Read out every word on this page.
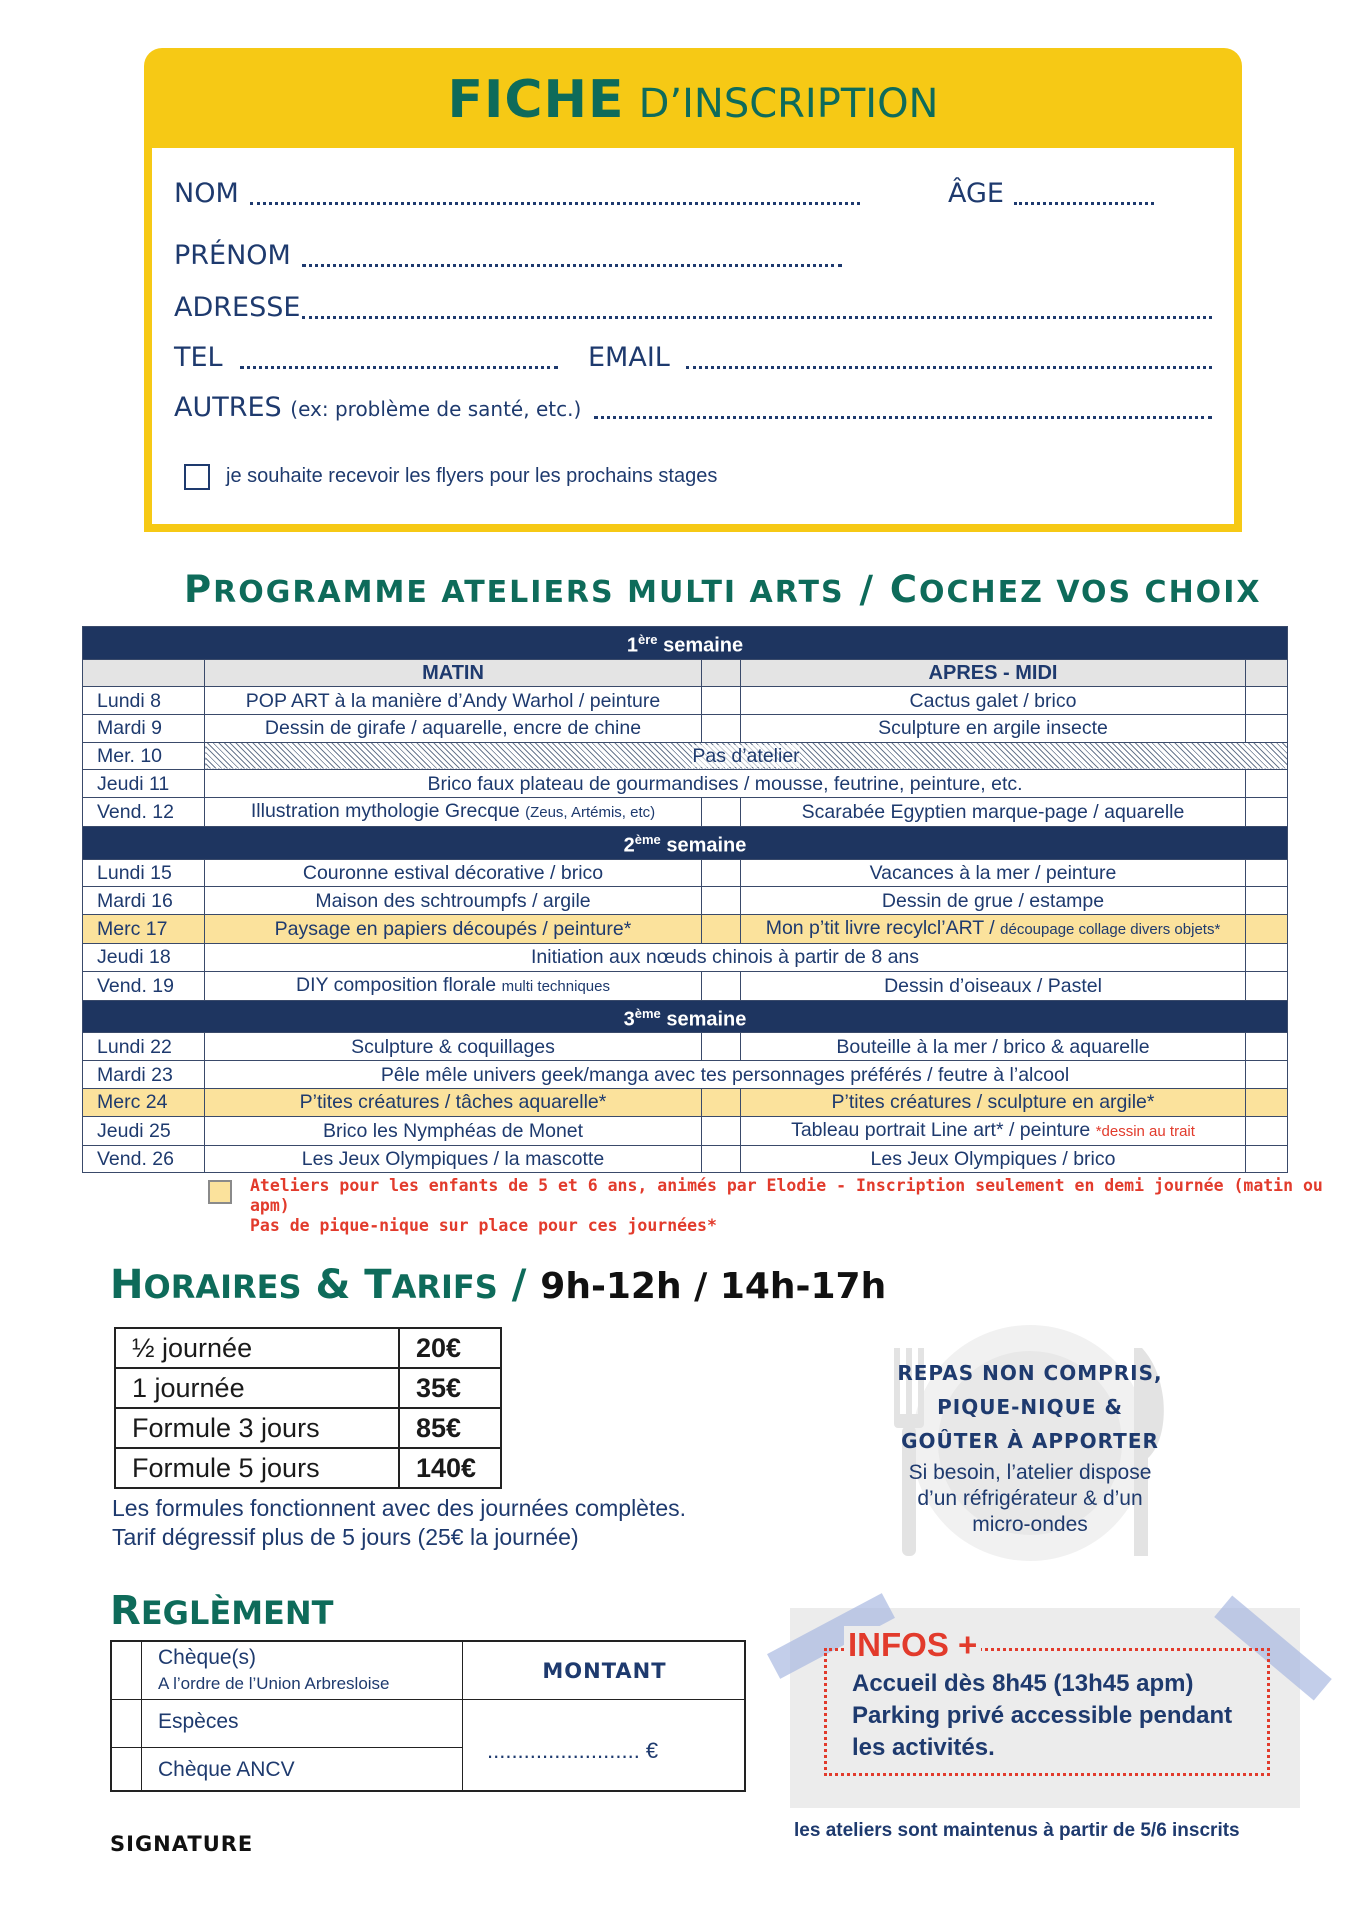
FICHE D’INSCRIPTION
NOM	ÂGE
PRÉNOM
ADRESSE
TEL	EMAIL
AUTRES (ex: problème de santé, etc.)
je souhaite recevoir les flyers pour les prochains stages
PROGRAMME ATELIERS MULTI ARTS / COCHEZ VOS CHOIX
1ère semaine				
	MATIN		APRES - MIDI	
Lundi 8	POP ART à la manière d’Andy Warhol / peinture		Cactus galet / brico	
Mardi 9	Dessin de girafe / aquarelle, encre de chine		Sculpture en argile insecte	
Mer. 10	Pas d’atelier			
Jeudi 11	Brico faux plateau de gourmandises / mousse, feutrine, peinture, etc.			
Vend. 12	Illustration mythologie Grecque (Zeus, Artémis, etc)		Scarabée Egyptien marque-page / aquarelle	
2ème semaine				
Lundi 15	Couronne estival décorative / brico		Vacances à la mer / peinture	
Mardi 16	Maison des schtroumpfs / argile		Dessin de grue / estampe	
Merc 17	Paysage en papiers découpés / peinture*		Mon p’tit livre recylcl’ART / découpage collage divers objets*	
Jeudi 18	Initiation aux nœuds chinois à partir de 8 ans			
Vend. 19	DIY composition florale multi techniques		Dessin d’oiseaux / Pastel	
3ème semaine				
Lundi 22	Sculpture & coquillages		Bouteille à la mer / brico & aquarelle	
Mardi 23	Pêle mêle univers geek/manga avec tes personnages préférés / feutre à l’alcool			
Merc 24	P’tites créatures / tâches aquarelle*		P’tites créatures / sculpture en argile*	
Jeudi 25	Brico les Nymphéas de Monet		Tableau portrait Line art* / peinture *dessin au trait	
Vend. 26	Les Jeux Olympiques / la mascotte		Les Jeux Olympiques / brico	
Ateliers pour les enfants de 5 et 6 ans, animés par Elodie - Inscription seulement en demi journée (matin ou apm)
Pas de pique-nique sur place pour ces journées*
HORAIRES & TARIFS / 9h-12h / 14h-17h
½ journée	20€
1 journée	35€
Formule 3 jours	85€
Formule 5 jours	140€
Les formules fonctionnent avec des journées complètes.
Tarif dégressif plus de 5 jours (25€ la journée)
REPAS NON COMPRIS,
PIQUE-NIQUE &
GOÛTER À APPORTER
Si besoin, l’atelier dispose
d’un réfrigérateur & d’un
micro-ondes
REGLÈMENT
Chèque(s)
A l’ordre de l’Union Arbresloise
Espèces
Chèque ANCV
MONTANT
......................... €
SIGNATURE
INFOS +
Accueil dès 8h45 (13h45 apm)
Parking privé accessible pendant
les activités.
les ateliers sont maintenus à partir de 5/6 inscrits
